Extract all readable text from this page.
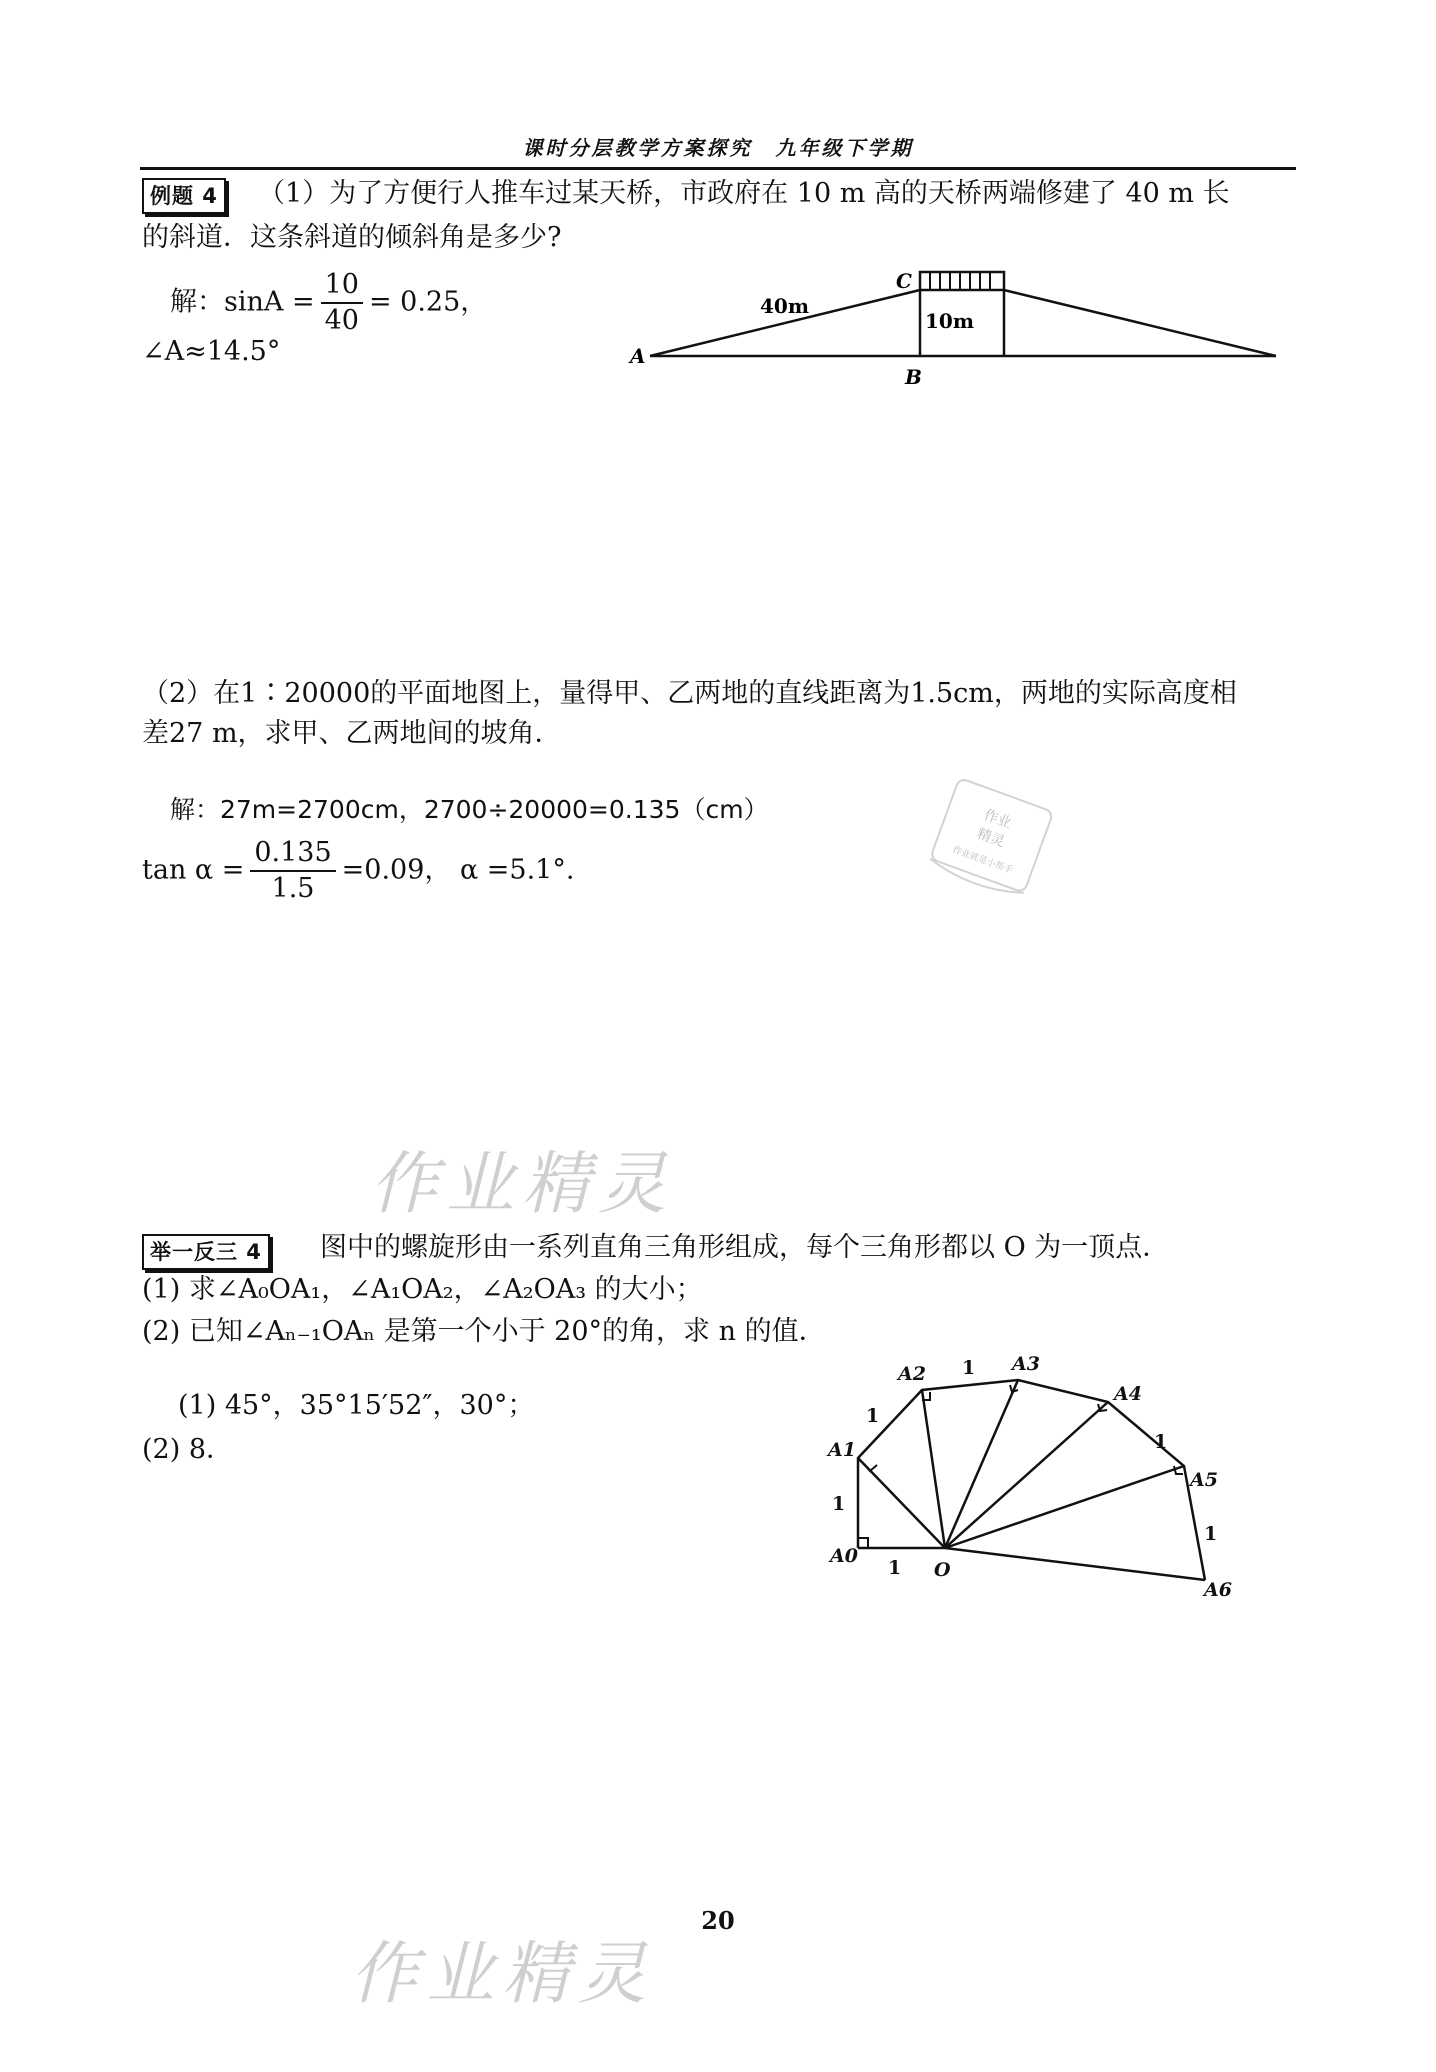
课时分层教学方案探究　九年级下学期
例题 4 （1）为了方便行人推车过某天桥，市政府在 10 m 高的天桥两端修建了 40 m 长
的斜道．这条斜道的倾斜角是多少?
解：$\sin A = \frac{10}{40} = 0.25$，
∠A≈14.5°	A
B
C
40m
10m
（2）在1∶20000的平面地图上，量得甲、乙两地的直线距离为1.5cm，两地的实际高度相
差27 m，求甲、乙两地间的坡角．
解：27m=2700cm，2700÷20000=0.135（cm）
$\tan \alpha = \frac{0.135}{1.5} =0.09$， α =5.1°.
作业
精灵
作业就是小帮手
作业精灵
举一反三 4 图中的螺旋形由一系列直角三角形组成，每个三角形都以 O 为一顶点．
(1) 求∠A₀OA₁，∠A₁OA₂，∠A₂OA₃ 的大小；
(2) 已知∠Aₙ₋₁OAₙ 是第一个小于 20°的角，求 n 的值．
(1) 45°，35°15′52″，30°；
(2) 8．
A0
A1
A2	A3
A4
A5
A6
O
1
1
1
1
1
1
20
作业精灵
